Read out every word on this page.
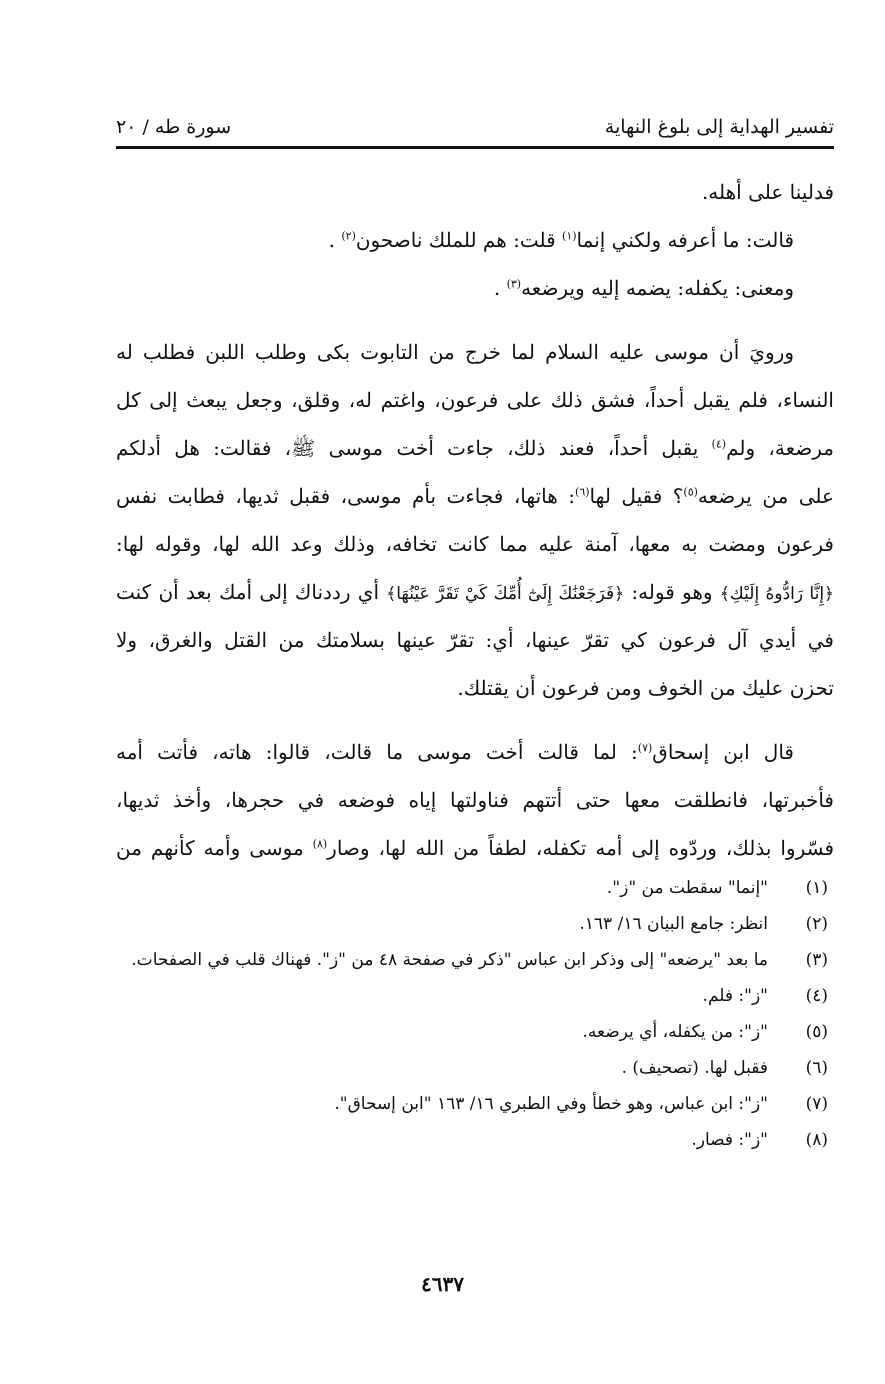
تفسير الهداية إلى بلوغ النهاية
سورة طه / ٢٠
فدلينا على أهله.
قالت: ما أعرفه ولكني إنما$^{(١)}$ قلت: هم للملك ناصحون$^{(٢)}$ .
ومعنى: يكفله: يضمه إليه ويرضعه$^{(٣)}$ .
ورويَ أن موسى عليه السلام لما خرج من التابوت بكى وطلب اللبن فطلب له
النساء، فلم يقبل أحداً، فشق ذلك على فرعون، واغتم له، وقلق، وجعل يبعث إلى كل
مرضعة، ولم$^{(٤)}$ يقبل أحداً، فعند ذلك، جاءت أخت موسى ﷺ، فقالت: هل أدلكم
على من يرضعه$^{(٥)}$؟ فقيل لها$^{(٦)}$: هاتها، فجاءت بأم موسى، فقبل ثديها، فطابت نفس
فرعون ومضت به معها، آمنة عليه مما كانت تخافه، وذلك وعد الله لها، وقوله لها:
﴿إِنَّا رَادُّوهُ إِلَيْكِ﴾ وهو قوله: ﴿فَرَجَعْنَٰكَ إِلَىٰٓ أُمِّكَ كَيْ تَقَرَّ عَيْنُهَا﴾ أي رددناك إلى أمك بعد أن كنت
في أيدي آل فرعون كي تقرّ عينها، أي: تقرّ عينها بسلامتك من القتل والغرق، ولا
تحزن عليك من الخوف ومن فرعون أن يقتلك.
قال ابن إسحاق$^{(٧)}$: لما قالت أخت موسى ما قالت، قالوا: هاته، فأتت أمه
فأخبرتها، فانطلقت معها حتى أتتهم فناولتها إياه فوضعه في حجرها، وأخذ ثديها،
فسّروا بذلك، وردّوه إلى أمه تكفله، لطفاً من الله لها، وصار$^{(٨)}$ موسى وأمه كأنهم من
(١)
"إنما" سقطت من "ز".
(٢)
انظر: جامع البيان ١٦/ ١٦٣.
(٣)
ما بعد "يرضعه" إلى وذكر ابن عباس "ذكر في صفحة ٤٨ من "ز". فهناك قلب في الصفحات.
(٤)
"ز": فلم.
(٥)
"ز": من يكفله، أي يرضعه.
(٦)
فقبل لها. (تصحيف) .
(٧)
"ز": ابن عباس، وهو خطأ وفي الطبري ١٦/ ١٦٣ "ابن إسحاق".
(٨)
"ز": فصار.
٤٦٣٧
